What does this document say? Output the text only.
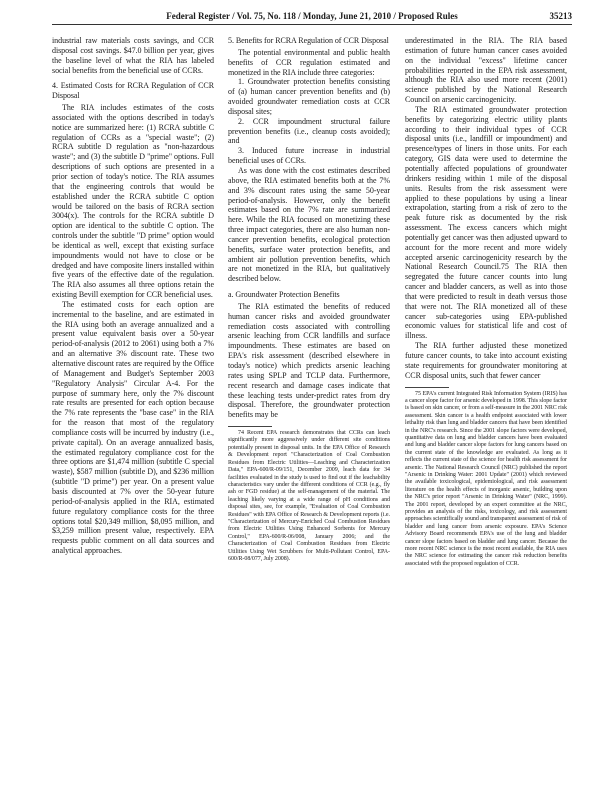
Federal Register / Vol. 75, No. 118 / Monday, June 21, 2010 / Proposed Rules	35213

industrial raw materials costs savings, and CCR disposal cost savings. $47.0 billion per year, gives the baseline level of what the RIA has labeled social benefits from the beneficial use of CCRs.

4. Estimated Costs for RCRA Regulation of CCR Disposal

The RIA includes estimates of the costs associated with the options described in today's notice are summarized here: (1) RCRA subtitle C regulation of CCRs as a "special waste"; (2) RCRA subtitle D regulation as "non-hazardous waste"; and (3) the subtitle D "prime" options. Full descriptions of such options are presented in a prior section of today's notice. The RIA assumes that the engineering controls that would be established under the RCRA subtitle C option would be tailored on the basis of RCRA section 3004(x). The controls for the RCRA subtitle D option are identical to the subtitle C option. The controls under the subtitle "D prime" option would be identical as well, except that existing surface impoundments would not have to close or be dredged and have composite liners installed within five years of the effective date of the regulation. The RIA also assumes all three options retain the existing Bevill exemption for CCR beneficial uses.

The estimated costs for each option are incremental to the baseline, and are estimated in the RIA using both an average annualized and a present value equivalent basis over a 50-year period-of-analysis (2012 to 2061) using both a 7% and an alternative 3% discount rate. These two alternative discount rates are required by the Office of Management and Budget's September 2003 "Regulatory Analysis" Circular A-4. For the purpose of summary here, only the 7% discount rate results are presented for each option because the 7% rate represents the "base case" in the RIA for the reason that most of the regulatory compliance costs will be incurred by industry (i.e., private capital). On an average annualized basis, the estimated regulatory compliance cost for the three options are $1,474 million (subtitle C special waste), $587 million (subtitle D), and $236 million (subtitle "D prime") per year. On a present value basis discounted at 7% over the 50-year future period-of-analysis applied in the RIA, estimated future regulatory compliance costs for the three options total $20,349 million, $8,095 million, and $3,259 million present value, respectively. EPA requests public comment on all data sources and analytical approaches.

5. Benefits for RCRA Regulation of CCR Disposal

The potential environmental and public health benefits of CCR regulation estimated and monetized in the RIA include three categories:

1. Groundwater protection benefits consisting of (a) human cancer prevention benefits and (b) avoided groundwater remediation costs at CCR disposal sites;

2. CCR impoundment structural failure prevention benefits (i.e., cleanup costs avoided); and

3. Induced future increase in industrial beneficial uses of CCRs.

As was done with the cost estimates described above, the RIA estimated benefits both at the 7% and 3% discount rates using the same 50-year period-of-analysis. However, only the benefit estimates based on the 7% rate are summarized here. While the RIA focused on monetizing these three impact categories, there are also human non-cancer prevention benefits, ecological protection benefits, surface water protection benefits, and ambient air pollution prevention benefits, which are not monetized in the RIA, but qualitatively described below.

a. Groundwater Protection Benefits

The RIA estimated the benefits of reduced human cancer risks and avoided groundwater remediation costs associated with controlling arsenic leaching from CCR landfills and surface impoundments. These estimates are based on EPA's risk assessment (described elsewhere in today's notice) which predicts arsenic leaching rates using SPLP and TCLP data. Furthermore, recent research and damage cases indicate that these leaching tests under-predict rates from dry disposal. Therefore, the groundwater protection benefits may be

74 Recent EPA research demonstrates that CCRs can leach significantly more aggressively under different site conditions potentially present in disposal units. In the EPA Office of Research & Development report "Characterization of Coal Combustion Residues from Electric Utilities—Leaching and Characterization Data," EPA-600/R-09/151, December 2009, leach data for 34 facilities evaluated in the study is used to find out if the leachability characteristics vary under the different conditions of CCR (e.g., fly ash or FGD residue) at the self-management of the material. The leaching likely varying at a wide range of pH conditions and disposal sites, see, for example, "Evaluation of Coal Combustion Residues" with EPA Office of Research & Development reports (i.e. "Characterization of Mercury-Enriched Coal Combustion Residues from Electric Utilities Using Enhanced Sorbents for Mercury Control," EPA-600/R-06/008, January 2006; and the Characterization of Coal Combustion Residues from Electric Utilities Using Wet Scrubbers for Multi-Pollutant Control, EPA-600/R-08/077, July 2008).

underestimated in the RIA. The RIA based estimation of future human cancer cases avoided on the individual "excess" lifetime cancer probabilities reported in the EPA risk assessment, although the RIA also used more recent (2001) science published by the National Research Council on arsenic carcinogenicity.

The RIA estimated groundwater protection benefits by categorizing electric utility plants according to their individual types of CCR disposal units (i.e., landfill or impoundment) and presence/types of liners in those units. For each category, GIS data were used to determine the potentially affected populations of groundwater drinkers residing within 1 mile of the disposal units. Results from the risk assessment were applied to these populations by using a linear extrapolation, starting from a risk of zero to the peak future risk as documented by the risk assessment. The excess cancers which might potentially get cancer was then adjusted upward to account for the more recent and more widely accepted arsenic carcinogenicity research by the National Research Council.75 The RIA then segregated the future cancer counts into lung cancer and bladder cancers, as well as into those that were predicted to result in death versus those that were not. The RIA monetized all of these cancer sub-categories using EPA-published economic values for statistical life and cost of illness.

The RIA further adjusted these monetized future cancer counts, to take into account existing state requirements for groundwater monitoring at CCR disposal units, such that fewer cancer

75 EPA's current Integrated Risk Information System (IRIS) has a cancer slope factor for arsenic developed in 1998. This slope factor is based on skin cancer, or from a self-measure in the 2001 NRC risk assessment. Skin cancer is a health endpoint associated with lower lethality risk than lung and bladder cancers that have been identified in the NRC's research. Since the 2001 slope factors were developed, quantitative data on lung and bladder cancers have been evaluated and lung and bladder cancer slope factors for lung cancers based on the current state of the knowledge are evaluated. As long as it reflects the current state of the science for health risk assessment for arsenic. The National Research Council (NRC) published the report "Arsenic in Drinking Water: 2001 Update" (2001) which reviewed the available toxicological, epidemiological, and risk assessment literature on the health effects of inorganic arsenic, building upon the NRC's prior report "Arsenic in Drinking Water" (NRC, 1999). The 2001 report, developed by an expert committee at the NRC, provides an analysis of the risks, toxicology, and risk assessment approaches scientifically sound and transparent assessment of risk of bladder and lung cancer from arsenic exposure. EPA's Science Advisory Board recommends EPA's use of the lung and bladder cancer slope factors based on bladder and lung cancer. Because the more recent NRC science is the most recent available, the RIA uses the NRC science for estimating the cancer risk reduction benefits associated with the proposed regulation of CCR.
